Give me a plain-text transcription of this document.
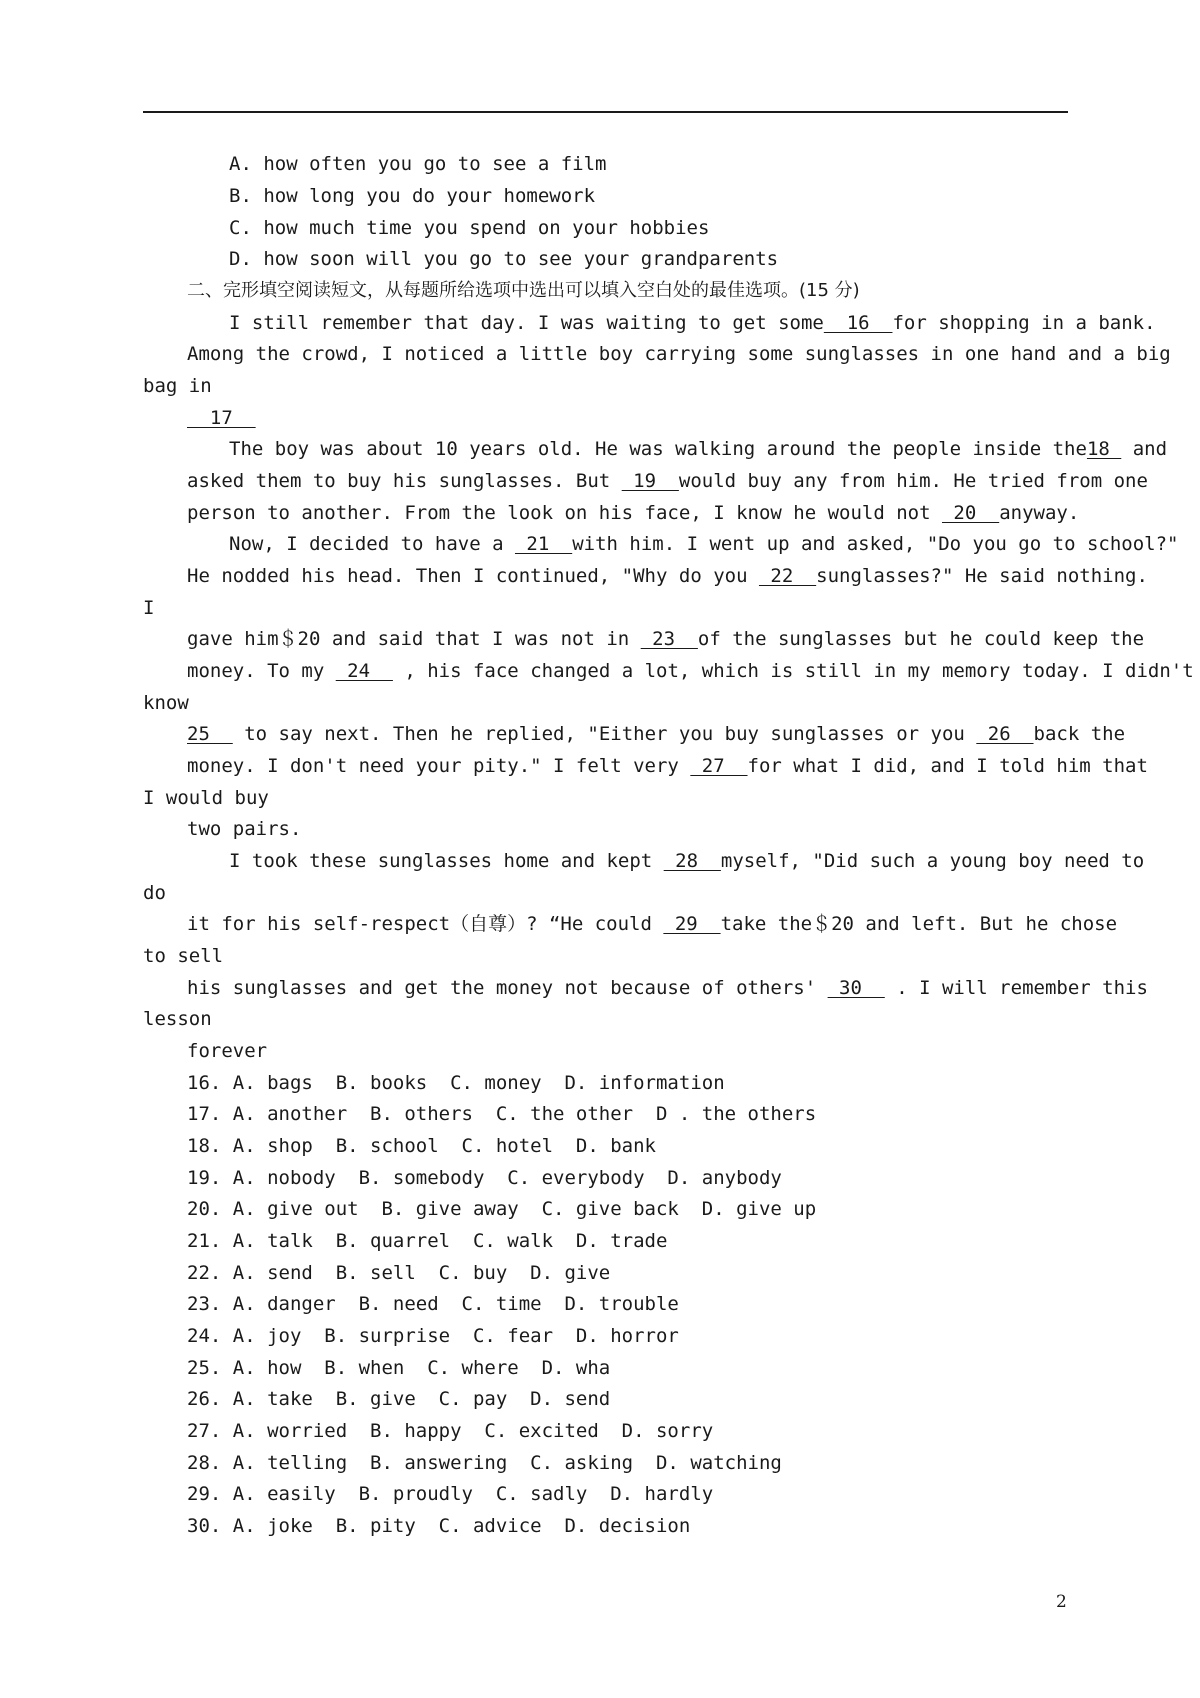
A. how often you go to see a film
B. how long you do your homework
C. how much time you spend on your hobbies
D. how soon will you go to see your grandparents
二、完形填空阅读短文，从每题所给选项中选出可以填入空白处的最佳选项。(15 分)
I still remember that day. I was waiting to get some  16  for shopping in a bank.
Among the crowd, I noticed a little boy carrying some sunglasses in one hand and a big
bag in
17
The boy was about 10 years old. He was walking around the people inside the18  and
asked them to buy his sunglasses. But  19  would buy any from him. He tried from one
person to another. From the look on his face, I know he would not  20  anyway.
Now, I decided to have a  21  with him. I went up and asked, "Do you go to school?"
He nodded his head. Then I continued, "Why do you  22  sunglasses?" He said nothing.
I
gave him＄20 and said that I was not in  23  of the sunglasses but he could keep the
money. To my  24   , his face changed a lot, which is still in my memory today. I didn't
know
25   to say next. Then he replied, "Either you buy sunglasses or you  26  back the
money. I don't need your pity." I felt very  27  for what I did, and I told him that
I would buy
two pairs.
I took these sunglasses home and kept  28  myself, "Did such a young boy need to
do
it for his self-respect（自尊）? “He could  29  take the＄20 and left. But he chose
to sell
his sunglasses and get the money not because of others'  30   . I will remember this
lesson
forever
16. A. bags  B. books  C. money  D. information
17. A. another  B. others  C. the other  D . the others
18. A. shop  B. school  C. hotel  D. bank
19. A. nobody  B. somebody  C. everybody  D. anybody
20. A. give out  B. give away  C. give back  D. give up
21. A. talk  B. quarrel  C. walk  D. trade
22. A. send  B. sell  C. buy  D. give
23. A. danger  B. need  C. time  D. trouble
24. A. joy  B. surprise  C. fear  D. horror
25. A. how  B. when  C. where  D. wha
26. A. take  B. give  C. pay  D. send
27. A. worried  B. happy  C. excited  D. sorry
28. A. telling  B. answering  C. asking  D. watching
29. A. easily  B. proudly  C. sadly  D. hardly
30. A. joke  B. pity  C. advice  D. decision
2
